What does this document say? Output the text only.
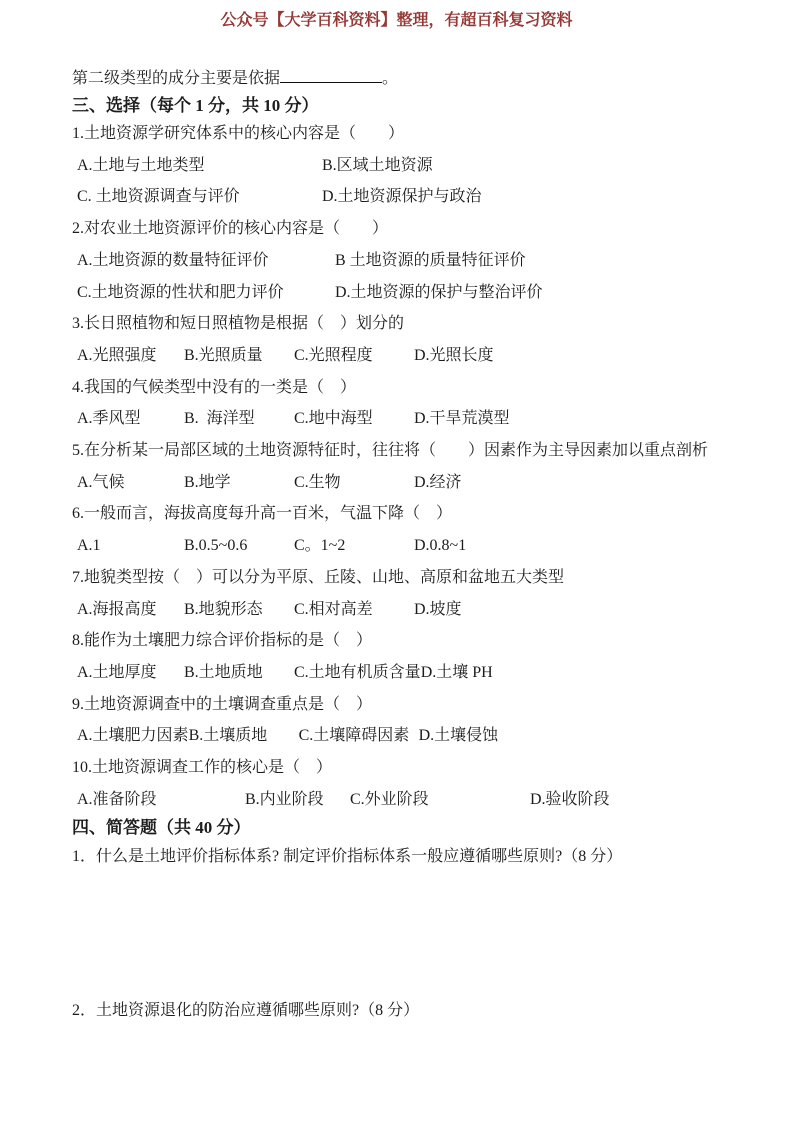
公众号【大学百科资料】整理，有超百科复习资料
第二级类型的成分主要是依据	。
三、选择（每个 1 分，共 10 分）
1.土地资源学研究体系中的核心内容是（　　）
A.土地与土地类型	B.区域土地资源
C. 土地资源调查与评价	D.土地资源保护与政治
2.对农业土地资源评价的核心内容是（　　）
A.土地资源的数量特征评价	B 土地资源的质量特征评价
C.土地资源的性状和肥力评价	D.土地资源的保护与整治评价
3.长日照植物和短日照植物是根据（　）划分的
A.光照强度	B.光照质量	C.光照程度	D.光照长度
4.我国的气候类型中没有的一类是（　）
A.季风型	B.  海洋型	C.地中海型	D.干旱荒漠型
5.在分析某一局部区域的土地资源特征时，往往将（　　）因素作为主导因素加以重点剖析
A.气候	B.地学	C.生物	D.经济
6.一般而言，海拔高度每升高一百米，气温下降（　）
A.1	B.0.5~0.6	C。1~2	D.0.8~1
7.地貌类型按（　）可以分为平原、丘陵、山地、高原和盆地五大类型
A.海报高度	B.地貌形态	C.相对高差	D.坡度
8.能作为土壤肥力综合评价指标的是（　）
A.土地厚度	B.土地质地	C.土地有机质含量 D.土壤 PH
9.土地资源调查中的土壤调查重点是（　）
A.土壤肥力因素 B.土壤质地	C.土壤障碍因素 D.土壤侵蚀
10.土地资源调查工作的核心是（　）
A.准备阶段	B.内业阶段	C.外业阶段	D.验收阶段
四、简答题（共 40 分）
1．什么是土地评价指标体系? 制定评价指标体系一般应遵循哪些原则?（8 分）
2．土地资源退化的防治应遵循哪些原则?（8 分）
